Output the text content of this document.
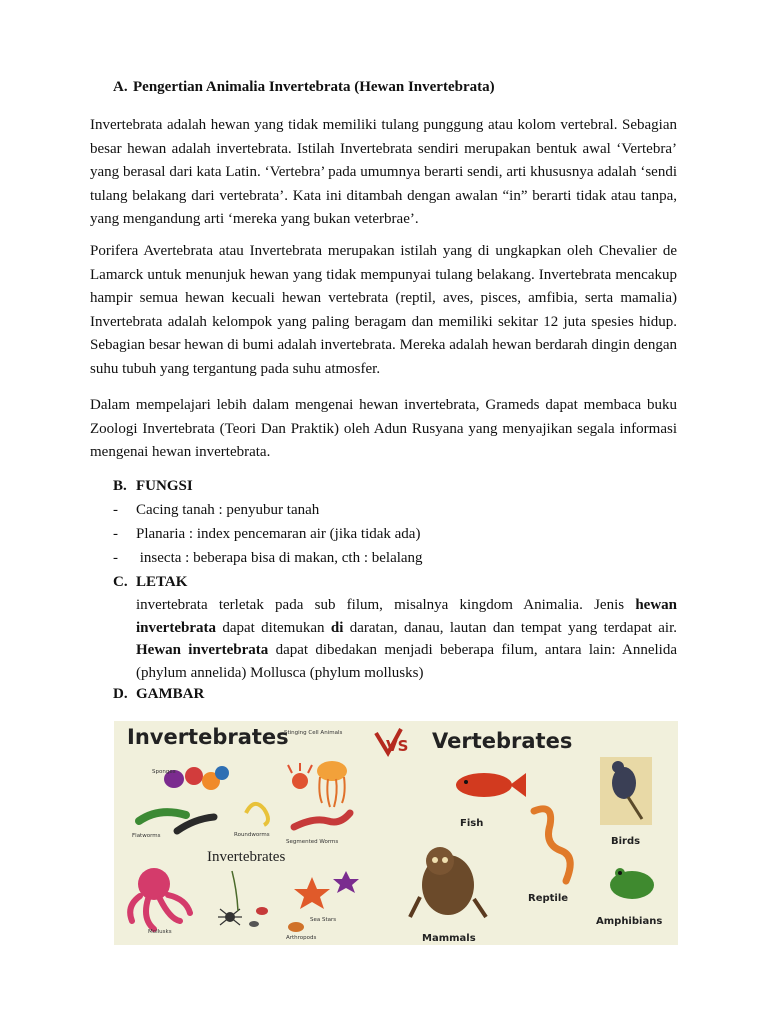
A. Pengertian Animalia Invertebrata (Hewan Invertebrata)
Invertebrata adalah hewan yang tidak memiliki tulang punggung atau kolom vertebral. Sebagian besar hewan adalah invertebrata. Istilah Invertebrata sendiri merupakan bentuk awal ‘Vertebra’ yang berasal dari kata Latin. ‘Vertebra’ pada umumnya berarti sendi, arti khususnya adalah ‘sendi tulang belakang dari vertebrata’. Kata ini ditambah dengan awalan “in” berarti tidak atau tanpa, yang mengandung arti ‘mereka yang bukan veterbrae’.
Porifera Avertebrata atau Invertebrata merupakan istilah yang di ungkapkan oleh Chevalier de Lamarck untuk menunjuk hewan yang tidak mempunyai tulang belakang. Invertebrata mencakup hampir semua hewan kecuali hewan vertebrata (reptil, aves, pisces, amfibia, serta mamalia) Invertebrata adalah kelompok yang paling beragam dan memiliki sekitar 12 juta spesies hidup. Sebagian besar hewan di bumi adalah invertebrata. Mereka adalah hewan berdarah dingin dengan suhu tubuh yang tergantung pada suhu atmosfer.
Dalam mempelajari lebih dalam mengenai hewan invertebrata, Grameds dapat membaca buku Zoologi Invertebrata (Teori Dan Praktik) oleh Adun Rusyana yang menyajikan segala informasi mengenai hewan invertebrata.
B. FUNGSI
- Cacing tanah : penyubur tanah
- Planaria : index pencemaran air (jika tidak ada)
- insecta : beberapa bisa di makan, cth : belalang
C. LETAK
invertebrata terletak pada sub filum, misalnya kingdom Animalia. Jenis hewan invertebrata dapat ditemukan di daratan, danau, lautan dan tempat yang terdapat air. Hewan invertebrata dapat dibedakan menjadi beberapa filum, antara lain: Annelida (phylum annelida) Mollusca (phylum mollusks)
D. GAMBAR
Invertebrates	VS Vertebrates
Sponges
Stinging Cell Animals
Flatworms	Roundworms
Segmented Worms
Invertebrates
Mollusks
Sea Stars
Arthropods
Fish
Birds
Reptile
Amphibians
Mammals
